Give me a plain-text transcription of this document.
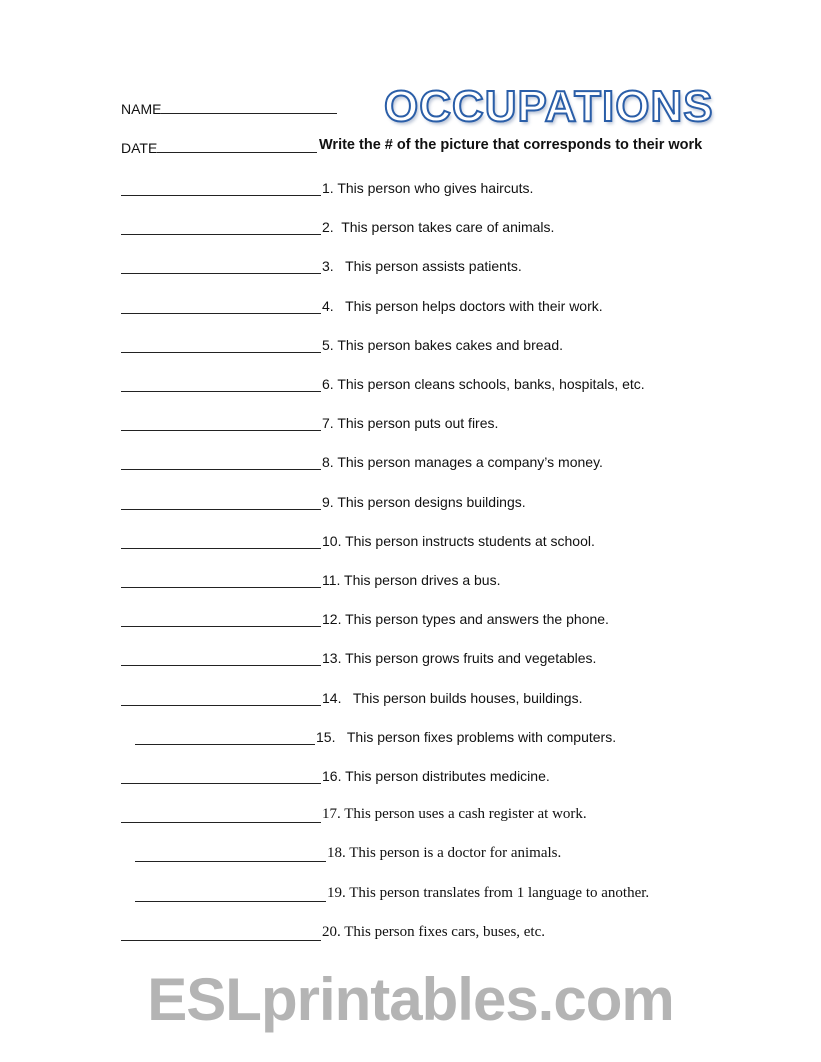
NAME	OCCUPATIONS
DATE	Write the # of the picture that corresponds to their work
1. This person who gives haircuts.
2.  This person takes care of animals.
3.   This person assists patients.
4.   This person helps doctors with their work.
5. This person bakes cakes and bread.
6. This person cleans schools, banks, hospitals, etc.
7. This person puts out fires.
8. This person manages a company’s money.
9. This person designs buildings.
10. This person instructs students at school.
11. This person drives a bus.
12. This person types and answers the phone.
13. This person grows fruits and vegetables.
14.   This person builds houses, buildings.
15.   This person fixes problems with computers.
16. This person distributes medicine.
17. This person uses a cash register at work.
18. This person is a doctor for animals.
19. This person translates from 1 language to another.
20. This person fixes cars, buses, etc.
ESLprintables.com
